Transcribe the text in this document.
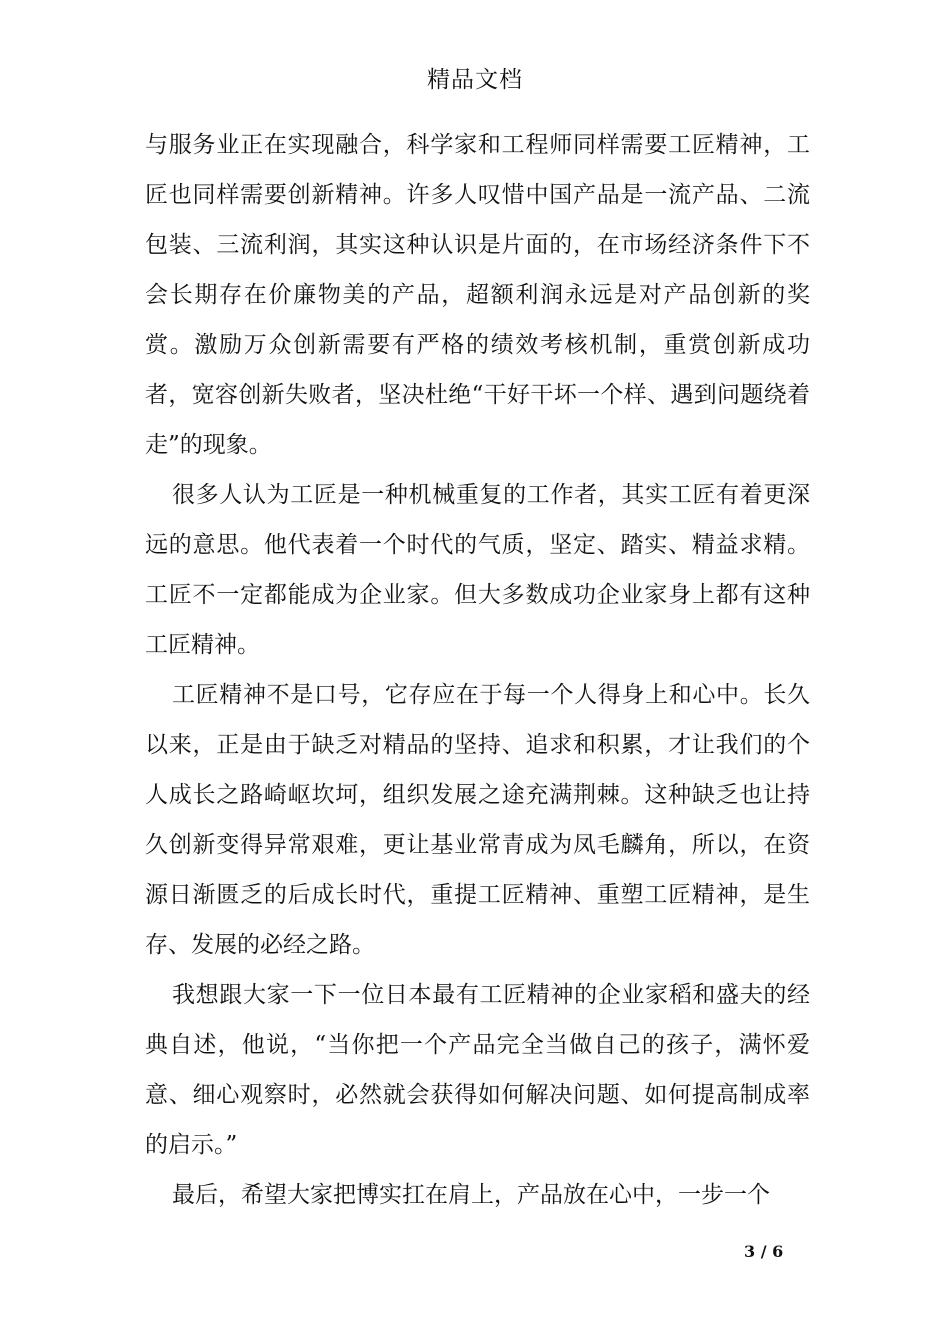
精品文档

与服务业正在实现融合，科学家和工程师同样需要工匠精神，工匠也同样需要创新精神。许多人叹惜中国产品是一流产品、二流包装、三流利润，其实这种认识是片面的，在市场经济条件下不会长期存在价廉物美的产品，超额利润永远是对产品创新的奖赏。激励万众创新需要有严格的绩效考核机制，重赏创新成功者，宽容创新失败者，坚决杜绝“干好干坏一个样、遇到问题绕着走”的现象。

很多人认为工匠是一种机械重复的工作者，其实工匠有着更深远的意思。他代表着一个时代的气质，坚定、踏实、精益求精。工匠不一定都能成为企业家。但大多数成功企业家身上都有这种工匠精神。

工匠精神不是口号，它存应在于每一个人得身上和心中。长久以来，正是由于缺乏对精品的坚持、追求和积累，才让我们的个人成长之路崎岖坎坷，组织发展之途充满荆棘。这种缺乏也让持久创新变得异常艰难，更让基业常青成为凤毛麟角，所以，在资源日渐匮乏的后成长时代，重提工匠精神、重塑工匠精神，是生存、发展的必经之路。

我想跟大家一下一位日本最有工匠精神的企业家稻和盛夫的经典自述，他说，“当你把一个产品完全当做自己的孩子，满怀爱意、细心观察时，必然就会获得如何解决问题、如何提高制成率的启示。”

最后，希望大家把博实扛在肩上，产品放在心中，一步一个

3 / 6
